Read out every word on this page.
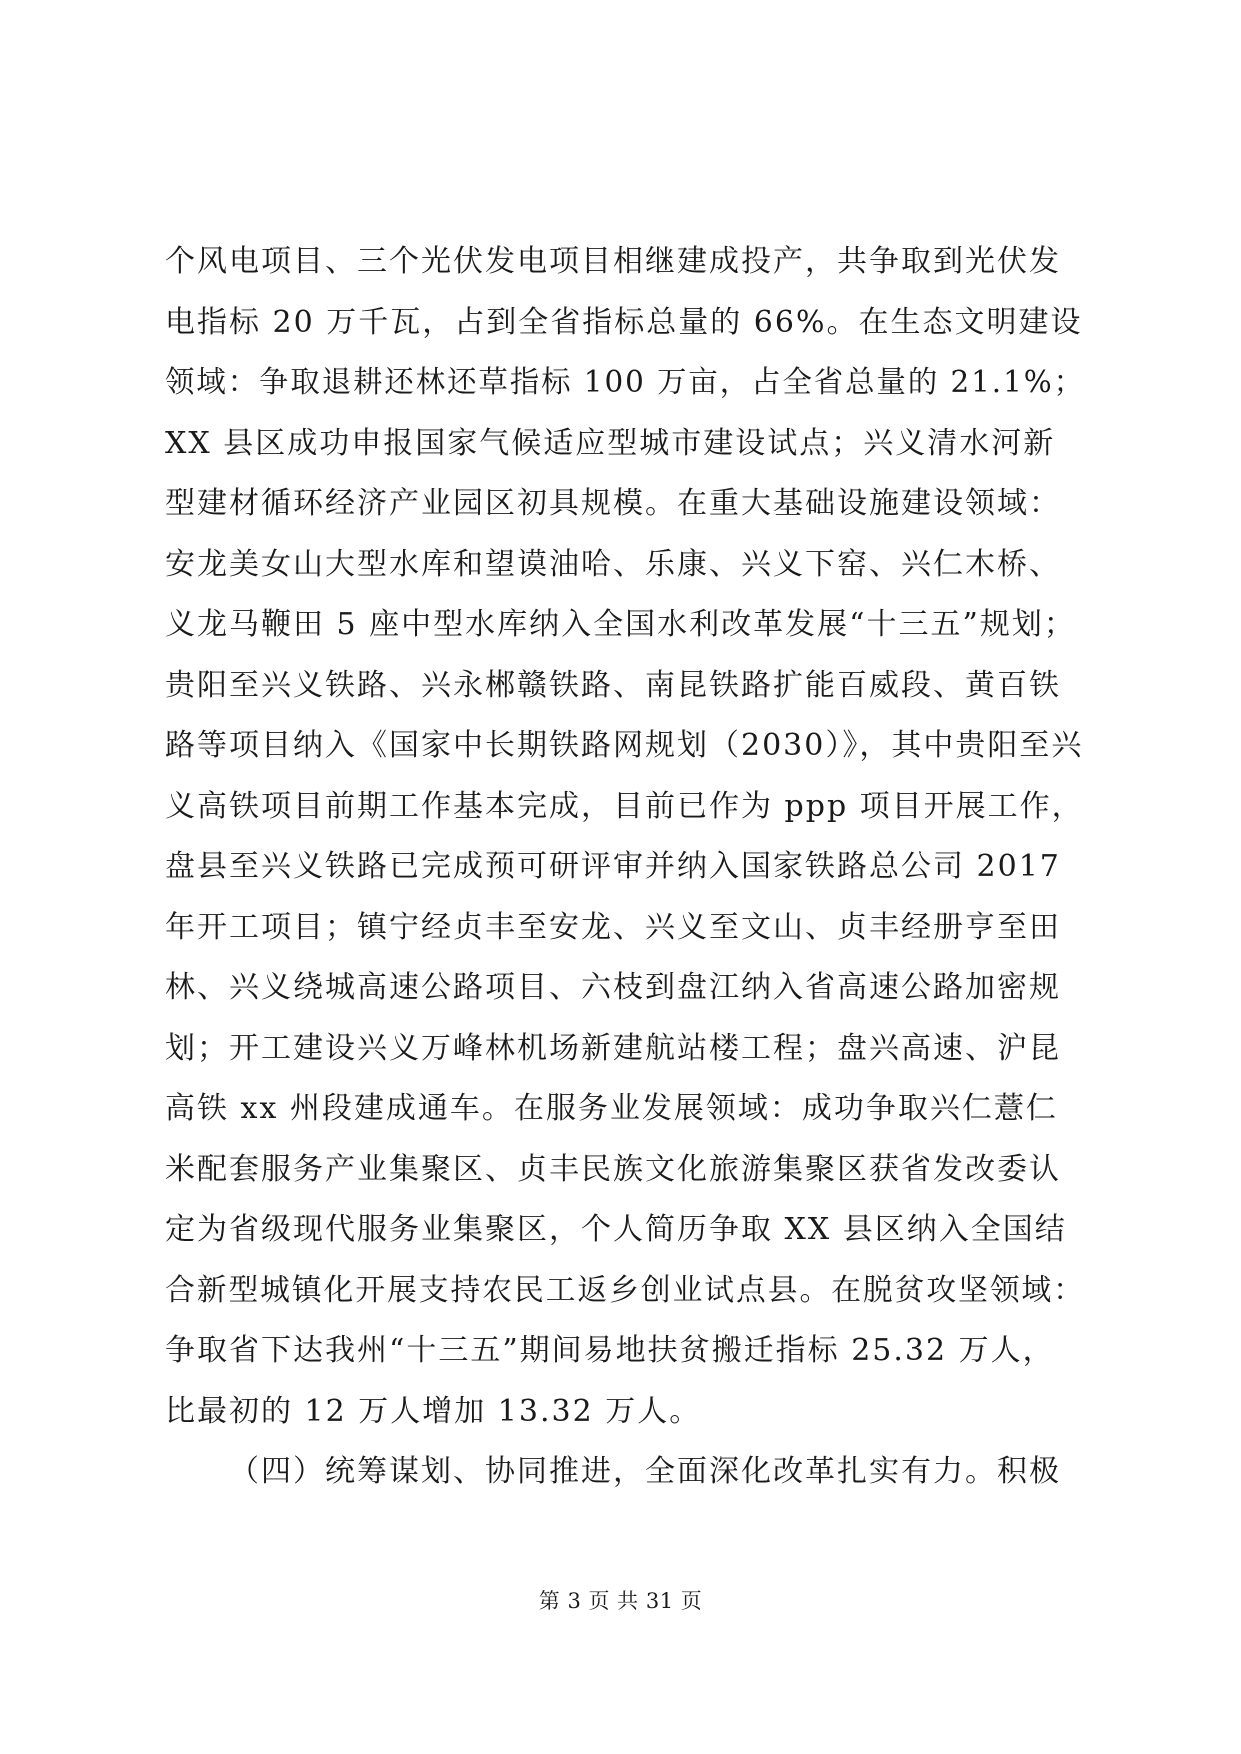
个风电项目、三个光伏发电项目相继建成投产，共争取到光伏发
电指标 20 万千瓦，占到全省指标总量的 66%。在生态文明建设
领域：争取退耕还林还草指标 100 万亩，占全省总量的 21.1%；
XX 县区成功申报国家气候适应型城市建设试点；兴义清水河新
型建材循环经济产业园区初具规模。在重大基础设施建设领域：
安龙美女山大型水库和望谟油哈、乐康、兴义下窑、兴仁木桥、
义龙马鞭田 5 座中型水库纳入全国水利改革发展“十三五”规划；
贵阳至兴义铁路、兴永郴赣铁路、南昆铁路扩能百威段、黄百铁
路等项目纳入《国家中长期铁路网规划（2030）》，其中贵阳至兴
义高铁项目前期工作基本完成，目前已作为 ppp 项目开展工作，
盘县至兴义铁路已完成预可研评审并纳入国家铁路总公司 2017
年开工项目；镇宁经贞丰至安龙、兴义至文山、贞丰经册亨至田
林、兴义绕城高速公路项目、六枝到盘江纳入省高速公路加密规
划；开工建设兴义万峰林机场新建航站楼工程；盘兴高速、沪昆
高铁 xx 州段建成通车。在服务业发展领域：成功争取兴仁薏仁
米配套服务产业集聚区、贞丰民族文化旅游集聚区获省发改委认
定为省级现代服务业集聚区，个人简历争取 XX 县区纳入全国结
合新型城镇化开展支持农民工返乡创业试点县。在脱贫攻坚领域：
争取省下达我州“十三五”期间易地扶贫搬迁指标 25.32 万人，
比最初的 12 万人增加 13.32 万人。
（四）统筹谋划、协同推进，全面深化改革扎实有力。积极
第 3 页 共 31 页
